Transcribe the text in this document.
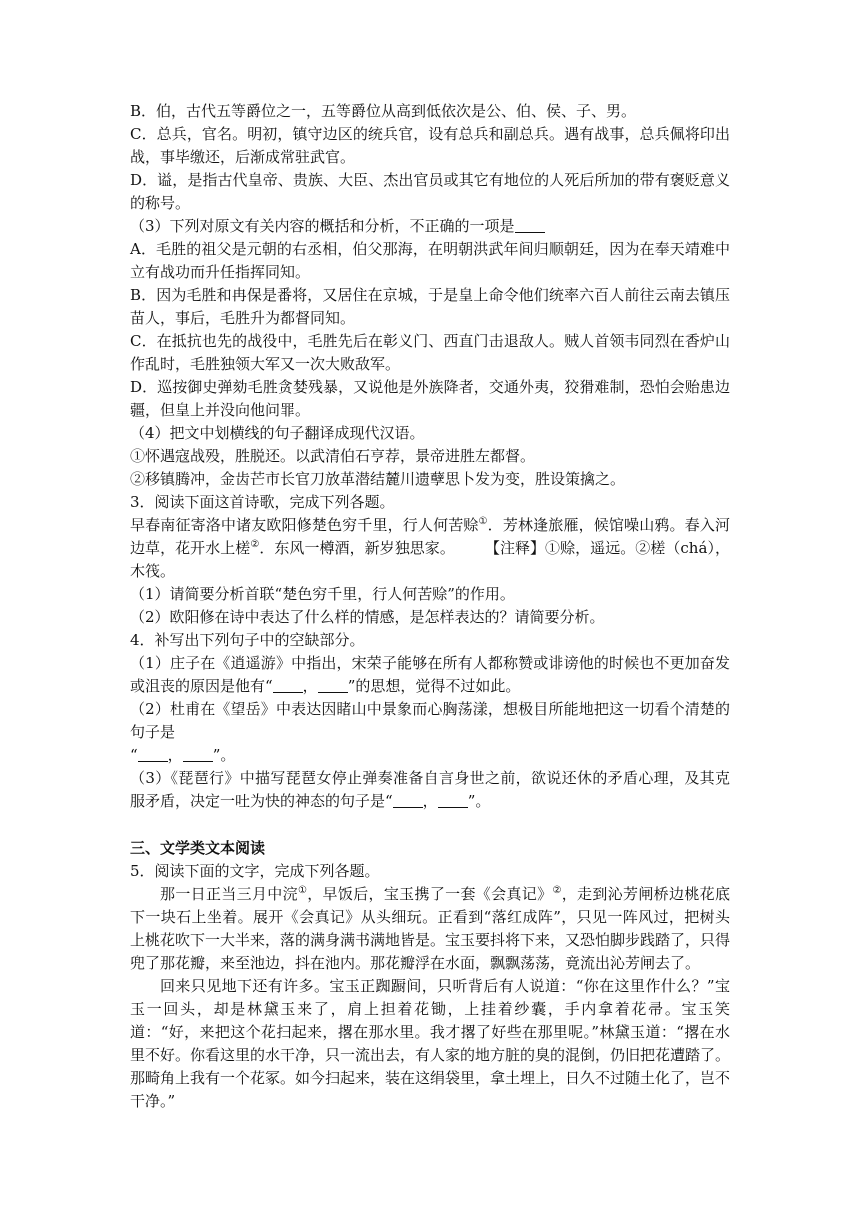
B．伯，古代五等爵位之一，五等爵位从高到低依次是公、伯、侯、子、男。

C．总兵，官名。明初，镇守边区的统兵官，设有总兵和副总兵。遇有战事，总兵佩将印出战，事毕缴还，后渐成常驻武官。

D．谥，是指古代皇帝、贵族、大臣、杰出官员或其它有地位的人死后所加的带有褒贬意义的称号。

（3）下列对原文有关内容的概括和分析，不正确的一项是

A．毛胜的祖父是元朝的右丞相，伯父那海，在明朝洪武年间归顺朝廷，因为在奉天靖难中立有战功而升任指挥同知。

B．因为毛胜和冉保是番将，又居住在京城，于是皇上命令他们统率六百人前往云南去镇压苗人，事后，毛胜升为都督同知。

C．在抵抗也先的战役中，毛胜先后在彰义门、西直门击退敌人。贼人首领韦同烈在香炉山作乱时，毛胜独领大军又一次大败敌军。

D．巡按御史弹劾毛胜贪婪残暴，又说他是外族降者，交通外夷，狡猾难制，恐怕会贻患边疆，但皇上并没向他问罪。

（4）把文中划横线的句子翻译成现代汉语。

①怀遇寇战殁，胜脱还。以武清伯石亨荐，景帝进胜左都督。

②移镇腾冲，金齿芒市长官刀放革潜结麓川遗孽思卜发为变，胜设策擒之。

3．阅读下面这首诗歌，完成下列各题。

早春南征寄洛中诸友欧阳修楚色穷千里，行人何苦赊①．芳林逢旅雁，候馆噪山鸦。春入河边草，花开水上槎②．东风一樽酒，新岁独思家。 【注释】①赊，遥远。②槎（chá），木筏。

（1）请简要分析首联“楚色穷千里，行人何苦赊”的作用。

（2）欧阳修在诗中表达了什么样的情感，是怎样表达的？请简要分析。

4．补写出下列句子中的空缺部分。

（1）庄子在《逍遥游》中指出，宋荣子能够在所有人都称赞或诽谤他的时候也不更加奋发或沮丧的原因是他有“ ， ”的思想，觉得不过如此。

（2）杜甫在《望岳》中表达因睹山中景象而心胸荡漾，想极目所能地把这一切看个清楚的句子是

“ ， ”。

（3）《琵琶行》中描写琵琶女停止弹奏准备自言身世之前，欲说还休的矛盾心理，及其克服矛盾，决定一吐为快的神态的句子是“ ， ”。

三、文学类文本阅读

5．阅读下面的文字，完成下列各题。

那一日正当三月中浣①，早饭后，宝玉携了一套《会真记》②，走到沁芳闸桥边桃花底下一块石上坐着。展开《会真记》从头细玩。正看到“落红成阵”，只见一阵风过，把树头上桃花吹下一大半来，落的满身满书满地皆是。宝玉要抖将下来，又恐怕脚步践踏了，只得兜了那花瓣，来至池边，抖在池内。那花瓣浮在水面，飘飘荡荡，竟流出沁芳闸去了。

回来只见地下还有许多。宝玉正踟蹰间，只听背后有人说道：“你在这里作什么？”宝玉一回头，却是林黛玉来了，肩上担着花锄，上挂着纱囊，手内拿着花帚。宝玉笑道：“好，来把这个花扫起来，撂在那水里。我才撂了好些在那里呢。”林黛玉道：“撂在水里不好。你看这里的水干净，只一流出去，有人家的地方脏的臭的混倒，仍旧把花遭踏了。那畸角上我有一个花冢。如今扫起来，装在这绢袋里，拿土埋上，日久不过随土化了，岂不干净。”
